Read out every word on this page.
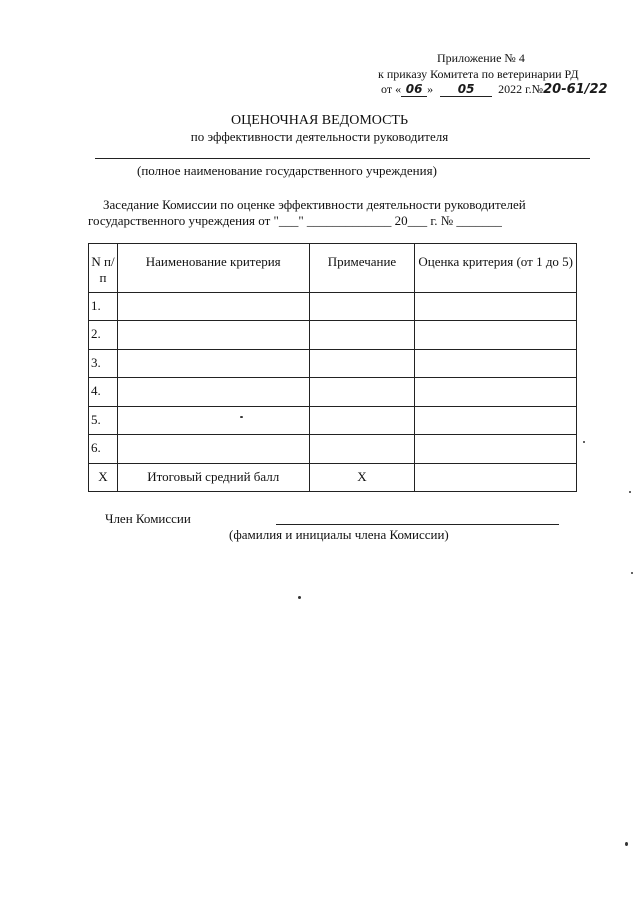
Приложение № 4
к приказу Комитета по ветеринарии РД
от « 06 » 05 2022 г.№20-61/22
ОЦЕНОЧНАЯ ВЕДОМОСТЬ
по эффективности деятельности руководителя
(полное наименование государственного учреждения)
Заседание Комиссии по оценке эффективности деятельности руководителей
государственного учреждения от "___" _____________ 20___ г. № _______
N п/п	Наименование критерия	Примечание	Оценка критерия (от 1 до 5)
1.			
2.			
3.			
4.			
5.			
6.			
X	Итоговый средний балл	X	
Член Комиссии
(фамилия и инициалы члена Комиссии)
